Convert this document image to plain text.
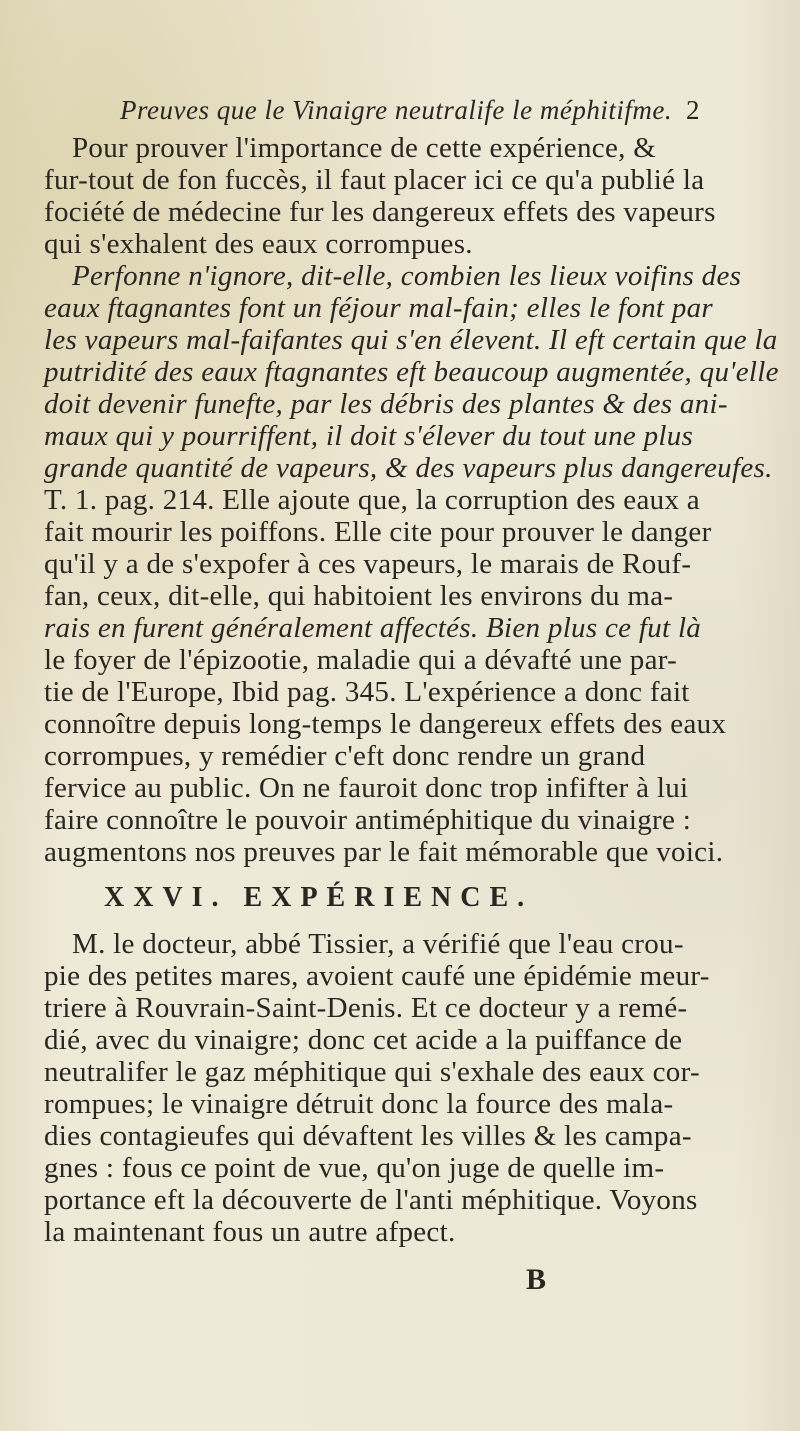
Preuves que le Vinaigre neutralife le méphitifme. 2
Pour prouver l'importance de cette expérience, &
fur-tout de fon fuccès, il faut placer ici ce qu'a publié la
fociété de médecine fur les dangereux effets des vapeurs
qui s'exhalent des eaux corrompues.
Perfonne n'ignore, dit-elle, combien les lieux voifins des
eaux ftagnantes font un féjour mal-fain; elles le font par
les vapeurs mal-faifantes qui s'en élevent. Il eft certain que la
putridité des eaux ftagnantes eft beaucoup augmentée, qu'elle
doit devenir funefte, par les débris des plantes & des ani-
maux qui y pourriffent, il doit s'élever du tout une plus
grande quantité de vapeurs, & des vapeurs plus dangereufes.
T. 1. pag. 214. Elle ajoute que, la corruption des eaux a
fait mourir les poiffons. Elle cite pour prouver le danger
qu'il y a de s'expofer à ces vapeurs, le marais de Rouf-
fan, ceux, dit-elle, qui habitoient les environs du ma-
rais en furent généralement affectés. Bien plus ce fut là
le foyer de l'épizootie, maladie qui a dévafté une par-
tie de l'Europe, Ibid pag. 345. L'expérience a donc fait
connoître depuis long-temps le dangereux effets des eaux
corrompues, y remédier c'eft donc rendre un grand
fervice au public. On ne fauroit donc trop infifter à lui
faire connoître le pouvoir antiméphitique du vinaigre :
augmentons nos preuves par le fait mémorable que voici.
XXVI. EXPÉRIENCE.
M. le docteur, abbé Tissier, a vérifié que l'eau crou-
pie des petites mares, avoient caufé une épidémie meur-
triere à Rouvrain-Saint-Denis. Et ce docteur y a remé-
dié, avec du vinaigre; donc cet acide a la puiffance de
neutralifer le gaz méphitique qui s'exhale des eaux cor-
rompues; le vinaigre détruit donc la fource des mala-
dies contagieufes qui dévaftent les villes & les campa-
gnes : fous ce point de vue, qu'on juge de quelle im-
portance eft la découverte de l'anti méphitique. Voyons
la maintenant fous un autre afpect.
B
